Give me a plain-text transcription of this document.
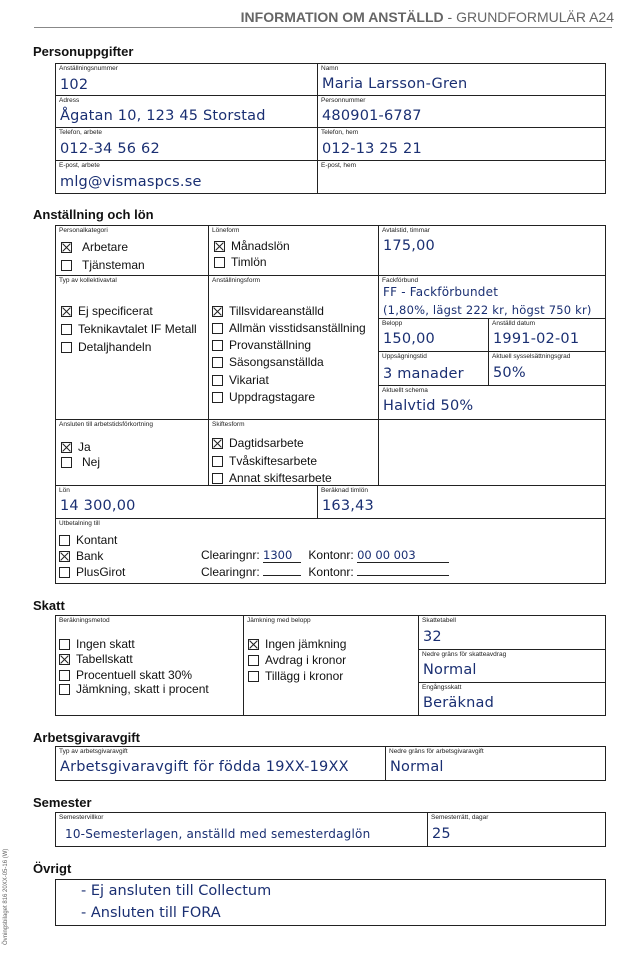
INFORMATION OM ANSTÄLLD - GRUNDFORMULÄR A24
Övningsbilaget 816 20XX-05-16 (W)
Personuppgifter
Anställningsnummer
102
Namn
Maria Larsson-Gren
Adress
Ågatan 10, 123 45 Storstad
Personnummer
480901-6787
Telefon, arbete
012-34 56 62
Telefon, hem
012-13 25 21
E-post, arbete
mlg@vismaspcs.se
E-post, hem
Anställning och lön
Personalkategori
Arbetare
Tjänsteman
Löneform
Månadslön
Timlön
Avtalstid, timmar
175,00
Typ av kollektivavtal
Ej specificerat
Teknikavtalet IF Metall
Detaljhandeln
Anställningsform
Tillsvidareanställd
Allmän visstidsanställning
Provanställning
Säsongsanställda
Vikariat
Uppdragstagare
Fackförbund
FF - Fackförbundet
(1,80%, lägst 222 kr, högst 750 kr)
Belopp
150,00
Anställd datum
1991-02-01
Uppsägningstid
3 manader
Aktuell sysselsättningsgrad
50%
Aktuellt schema
Halvtid 50%
Ansluten till arbetstidsförkortning
Ja
Nej
Skiftesform
Dagtidsarbete
Tvåskiftesarbete
Annat skiftesarbete
Lön
14 300,00
Beräknad timlön
163,43
Utbetalning till
Kontant
Bank
PlusGirot
Clearingnr: 1300 Kontonr: 00 00 003
Clearingnr:	Kontonr:
Skatt
Beräkningsmetod
Ingen skatt
Tabellskatt
Procentuell skatt 30%
Jämkning, skatt i procent
Jämkning med belopp
Ingen jämkning
Avdrag i kronor
Tillägg i kronor
Skattetabell
32
Nedre gräns för skatteavdrag
Normal
Engångsskatt
Beräknad
Arbetsgivaravgift
Typ av arbetsgivaravgift
Arbetsgivaravgift för födda 19XX-19XX
Nedre gräns för arbetsgivaravgift
Normal
Semester
Semestervillkor
10-Semesterlagen, anställd med semesterdaglön
Semesterrätt, dagar
25
Övrigt
- Ej ansluten till Collectum
- Ansluten till FORA
